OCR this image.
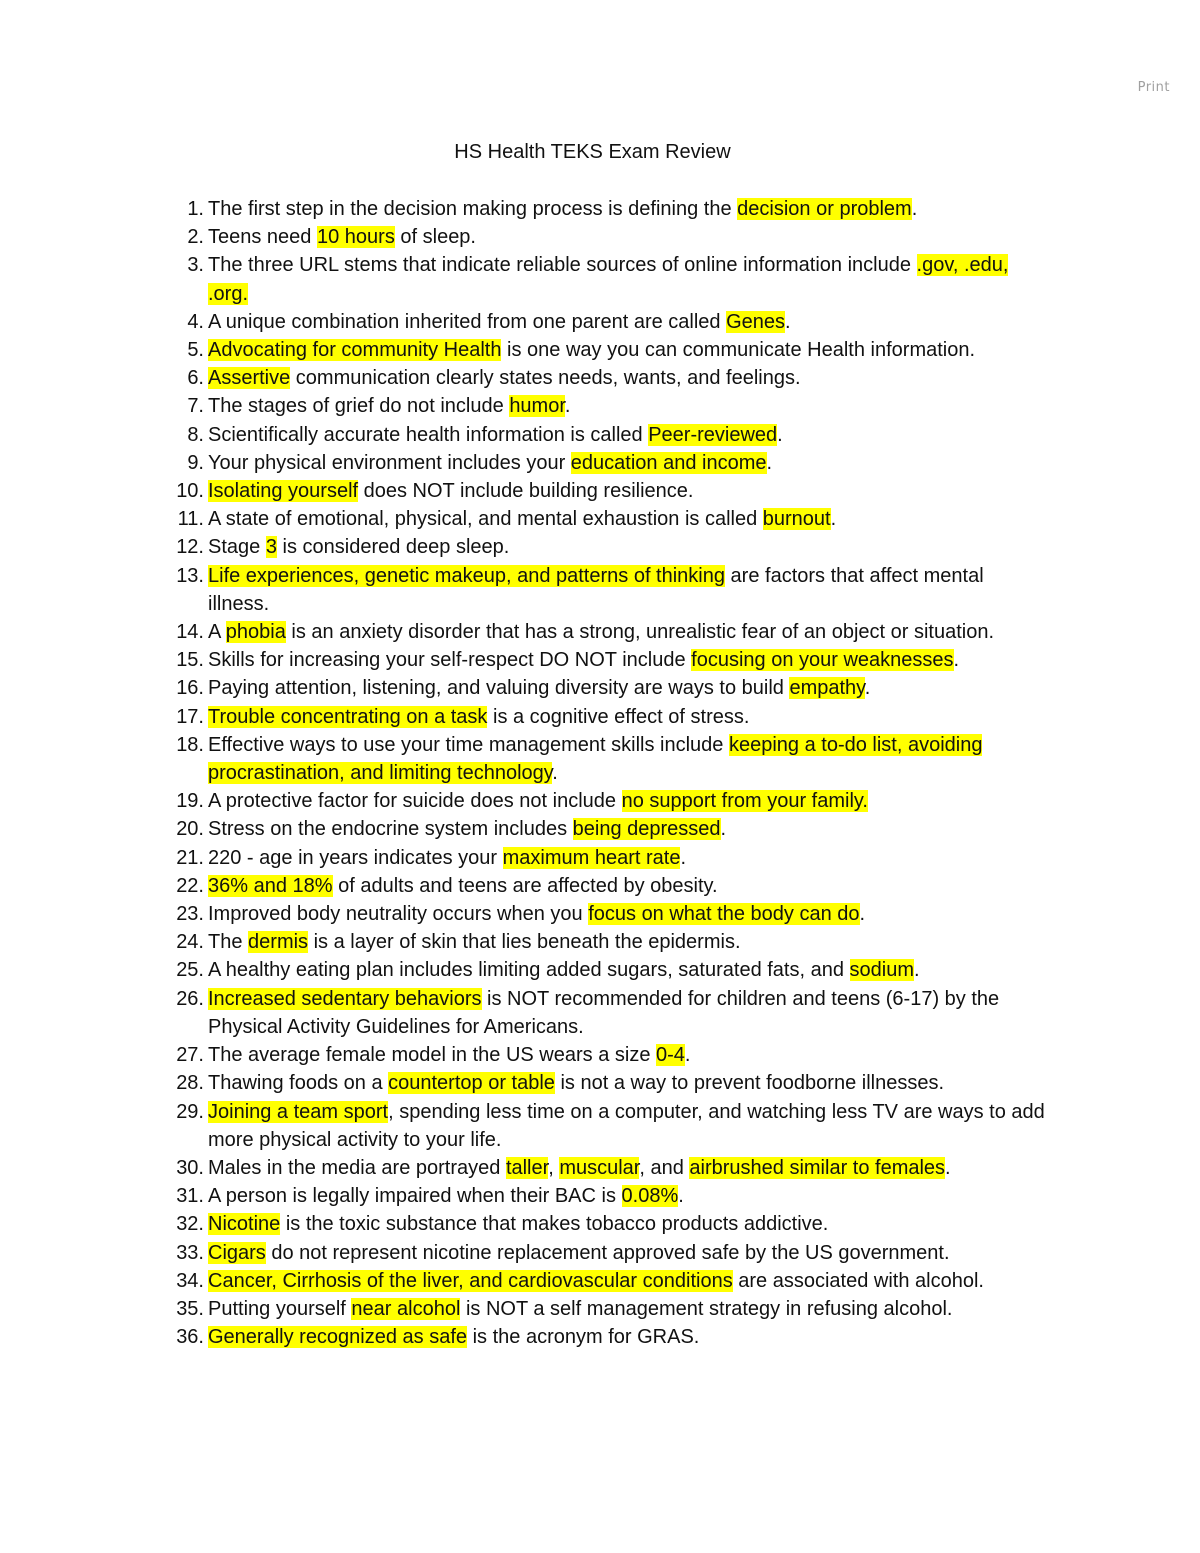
Print
HS Health TEKS Exam Review
1. The first step in the decision making process is defining the decision or problem.
2. Teens need 10 hours of sleep.
3. The three URL stems that indicate reliable sources of online information include .gov, .edu, .org.
4. A unique combination inherited from one parent are called Genes.
5. Advocating for community Health is one way you can communicate Health information.
6. Assertive communication clearly states needs, wants, and feelings.
7. The stages of grief do not include humor.
8. Scientifically accurate health information is called Peer-reviewed.
9. Your physical environment includes your education and income.
10. Isolating yourself does NOT include building resilience.
11. A state of emotional, physical, and mental exhaustion is called burnout.
12. Stage 3 is considered deep sleep.
13. Life experiences, genetic makeup, and patterns of thinking are factors that affect mental illness.
14. A phobia is an anxiety disorder that has a strong, unrealistic fear of an object or situation.
15. Skills for increasing your self-respect DO NOT include focusing on your weaknesses.
16. Paying attention, listening, and valuing diversity are ways to build empathy.
17. Trouble concentrating on a task is a cognitive effect of stress.
18. Effective ways to use your time management skills include keeping a to-do list, avoiding procrastination, and limiting technology.
19. A protective factor for suicide does not include no support from your family.
20. Stress on the endocrine system includes being depressed.
21. 220 - age in years indicates your maximum heart rate.
22. 36% and 18% of adults and teens are affected by obesity.
23. Improved body neutrality occurs when you focus on what the body can do.
24. The dermis is a layer of skin that lies beneath the epidermis.
25. A healthy eating plan includes limiting added sugars, saturated fats, and sodium.
26. Increased sedentary behaviors is NOT recommended for children and teens (6-17) by the Physical Activity Guidelines for Americans.
27. The average female model in the US wears a size 0-4.
28. Thawing foods on a countertop or table is not a way to prevent foodborne illnesses.
29. Joining a team sport, spending less time on a computer, and watching less TV are ways to add more physical activity to your life.
30. Males in the media are portrayed taller, muscular, and airbrushed similar to females.
31. A person is legally impaired when their BAC is 0.08%.
32. Nicotine is the toxic substance that makes tobacco products addictive.
33. Cigars do not represent nicotine replacement approved safe by the US government.
34. Cancer, Cirrhosis of the liver, and cardiovascular conditions are associated with alcohol.
35. Putting yourself near alcohol is NOT a self management strategy in refusing alcohol.
36. Generally recognized as safe is the acronym for GRAS.
